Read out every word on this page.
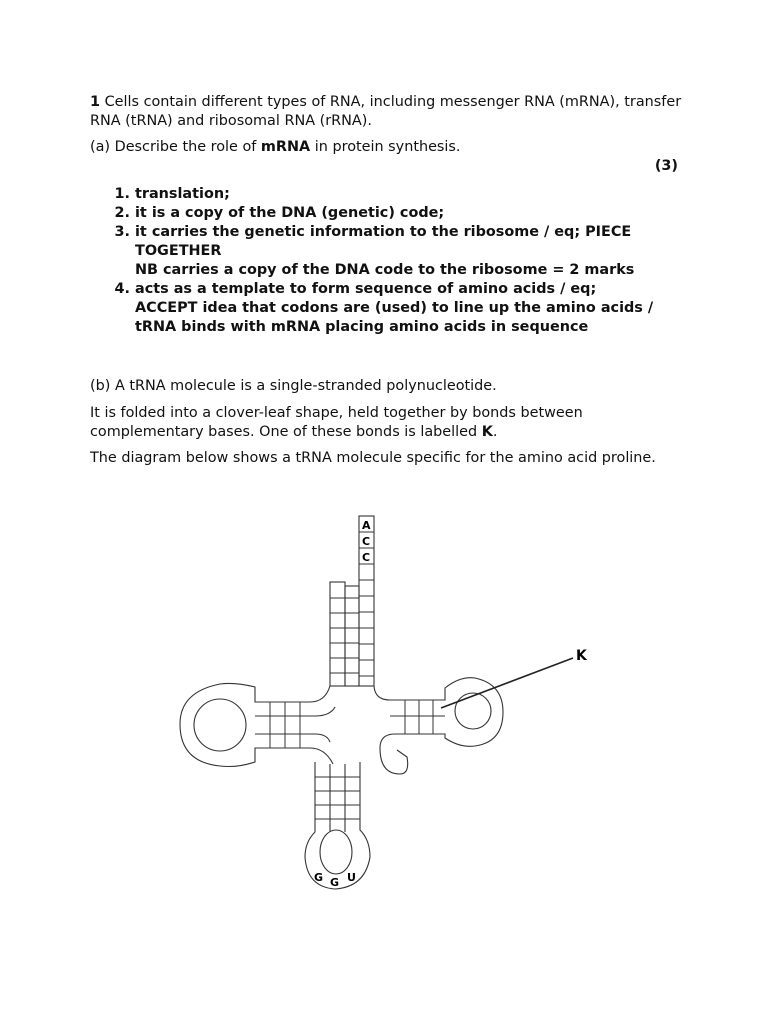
1 Cells contain different types of RNA, including messenger RNA (mRNA), transfer RNA (tRNA) and ribosomal RNA (rRNA).

(a) Describe the role of mRNA in protein synthesis.

(3)

1. translation;
2. it is a copy of the DNA (genetic) code;
3. it carries the genetic information to the ribosome / eq; PIECE TOGETHER
NB carries a copy of the DNA code to the ribosome = 2 marks
4. acts as a template to form sequence of amino acids / eq;
ACCEPT idea that codons are (used) to line up the amino acids / tRNA binds with mRNA placing amino acids in sequence

(b) A tRNA molecule is a single-stranded polynucleotide.

It is folded into a clover-leaf shape, held together by bonds between complementary bases. One of these bonds is labelled K.

The diagram below shows a tRNA molecule specific for the amino acid proline.

A
C
C
G G U
K
